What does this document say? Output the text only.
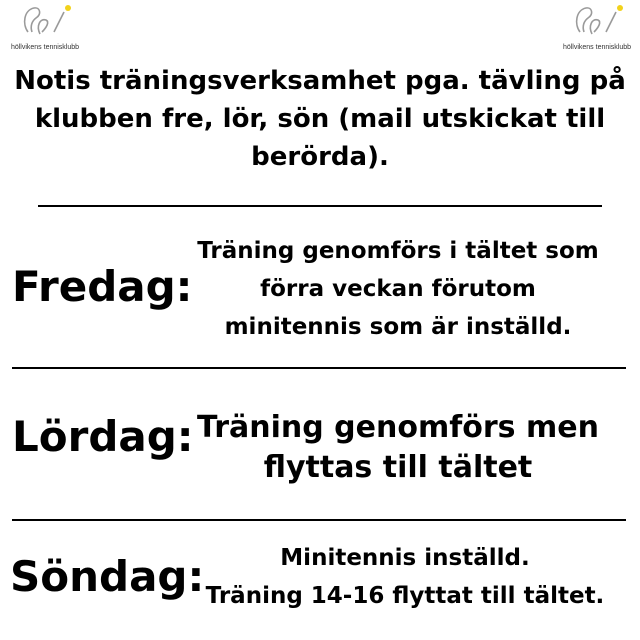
höllvikens tennisklubb	höllvikens tennisklubb

Notis träningsverksamhet pga. tävling på
klubben fre, lör, sön (mail utskickat till
berörda).

Fredag:

Träning genomförs i tältet som
förra veckan förutom
minitennis som är inställd.

Lördag: Träning genomförs men
flyttas till tältet

Söndag:	Minitennis inställd.
Träning 14-16 flyttat till tältet.
